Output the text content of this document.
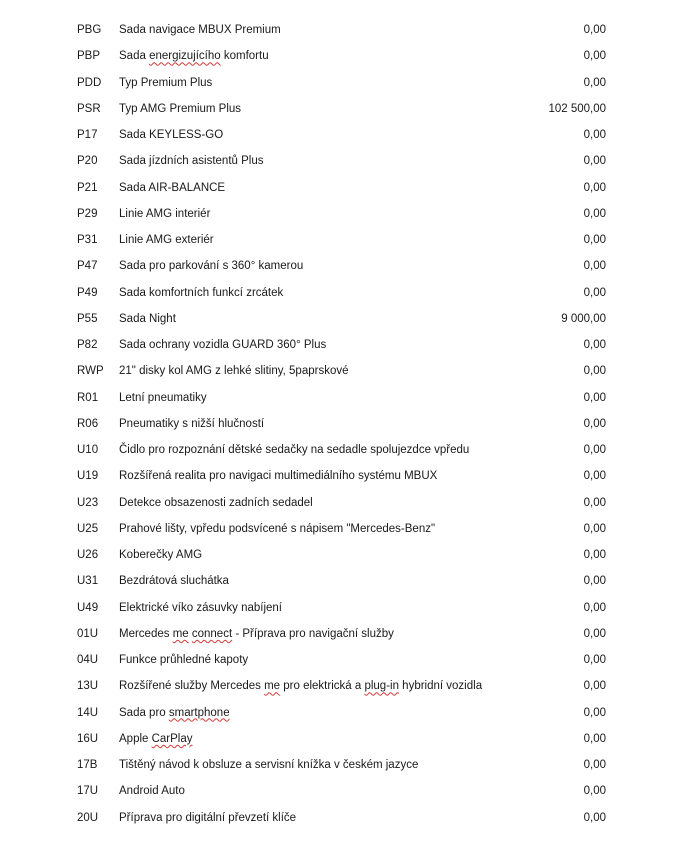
PBG	Sada navigace MBUX Premium	0,00
PBP	Sada energizujícího komfortu	0,00
PDD	Typ Premium Plus	0,00
PSR	Typ AMG Premium Plus	102 500,00
P17	Sada KEYLESS-GO	0,00
P20	Sada jízdních asistentů Plus	0,00
P21	Sada AIR-BALANCE	0,00
P29	Linie AMG interiér	0,00
P31	Linie AMG exteriér	0,00
P47	Sada pro parkování s 360° kamerou	0,00
P49	Sada komfortních funkcí zrcátek	0,00
P55	Sada Night	9 000,00
P82	Sada ochrany vozidla GUARD 360° Plus	0,00
RWP	21" disky kol AMG z lehké slitiny, 5paprskové	0,00
R01	Letní pneumatiky	0,00
R06	Pneumatiky s nižší hlučností	0,00
U10	Čidlo pro rozpoznání dětské sedačky na sedadle spolujezdce vpředu	0,00
U19	Rozšířená realita pro navigaci multimediálního systému MBUX	0,00
U23	Detekce obsazenosti zadních sedadel	0,00
U25	Prahové lišty, vpředu podsvícené s nápisem "Mercedes-Benz"	0,00
U26	Koberečky AMG	0,00
U31	Bezdrátová sluchátka	0,00
U49	Elektrické víko zásuvky nabíjení	0,00
01U	Mercedes me connect - Příprava pro navigační služby	0,00
04U	Funkce průhledné kapoty	0,00
13U	Rozšířené služby Mercedes me pro elektrická a plug-in hybridní vozidla	0,00
14U	Sada pro smartphone	0,00
16U	Apple CarPlay	0,00
17B	Tištěný návod k obsluze a servisní knížka v českém jazyce	0,00
17U	Android Auto	0,00
20U	Příprava pro digitální převzetí klíče	0,00
